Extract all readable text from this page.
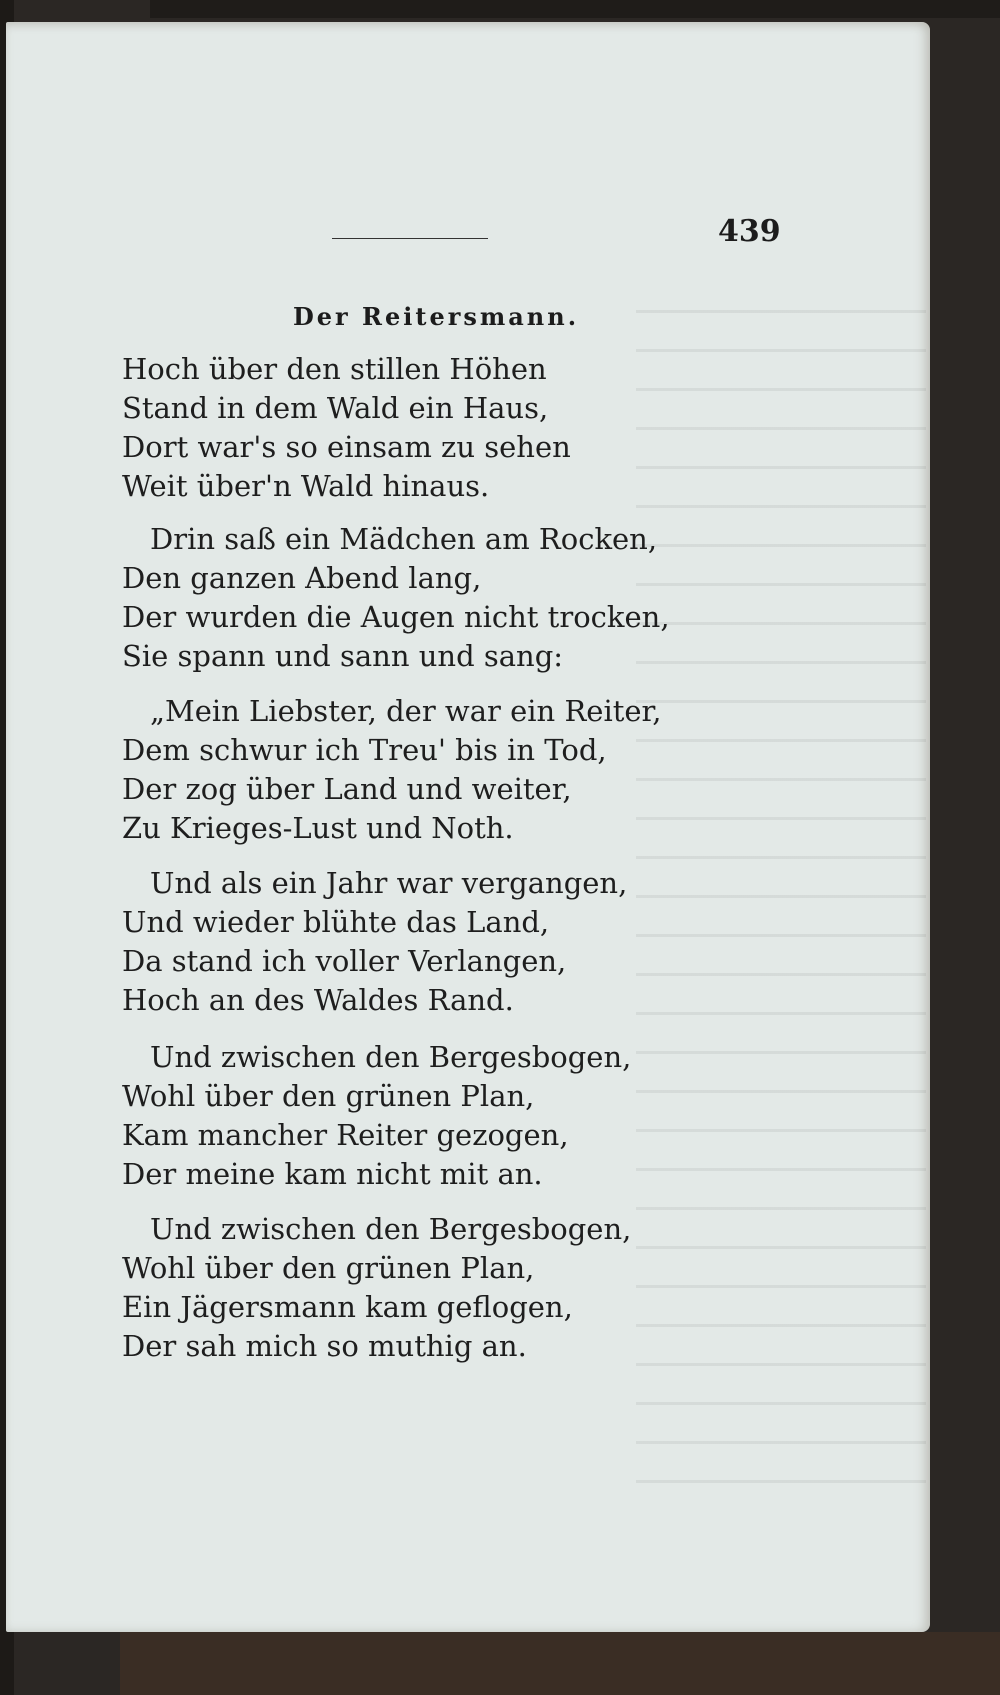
439
Der Reitersmann.
Hoch über den stillen Höhen
Stand in dem Wald ein Haus,
Dort war's so einsam zu sehen
Weit über'n Wald hinaus.
Drin saß ein Mädchen am Rocken,
Den ganzen Abend lang,
Der wurden die Augen nicht trocken,
Sie spann und sann und sang:
„Mein Liebster, der war ein Reiter,
Dem schwur ich Treu' bis in Tod,
Der zog über Land und weiter,
Zu Krieges-Lust und Noth.
Und als ein Jahr war vergangen,
Und wieder blühte das Land,
Da stand ich voller Verlangen,
Hoch an des Waldes Rand.
Und zwischen den Bergesbogen,
Wohl über den grünen Plan,
Kam mancher Reiter gezogen,
Der meine kam nicht mit an.
Und zwischen den Bergesbogen,
Wohl über den grünen Plan,
Ein Jägersmann kam geflogen,
Der sah mich so muthig an.
